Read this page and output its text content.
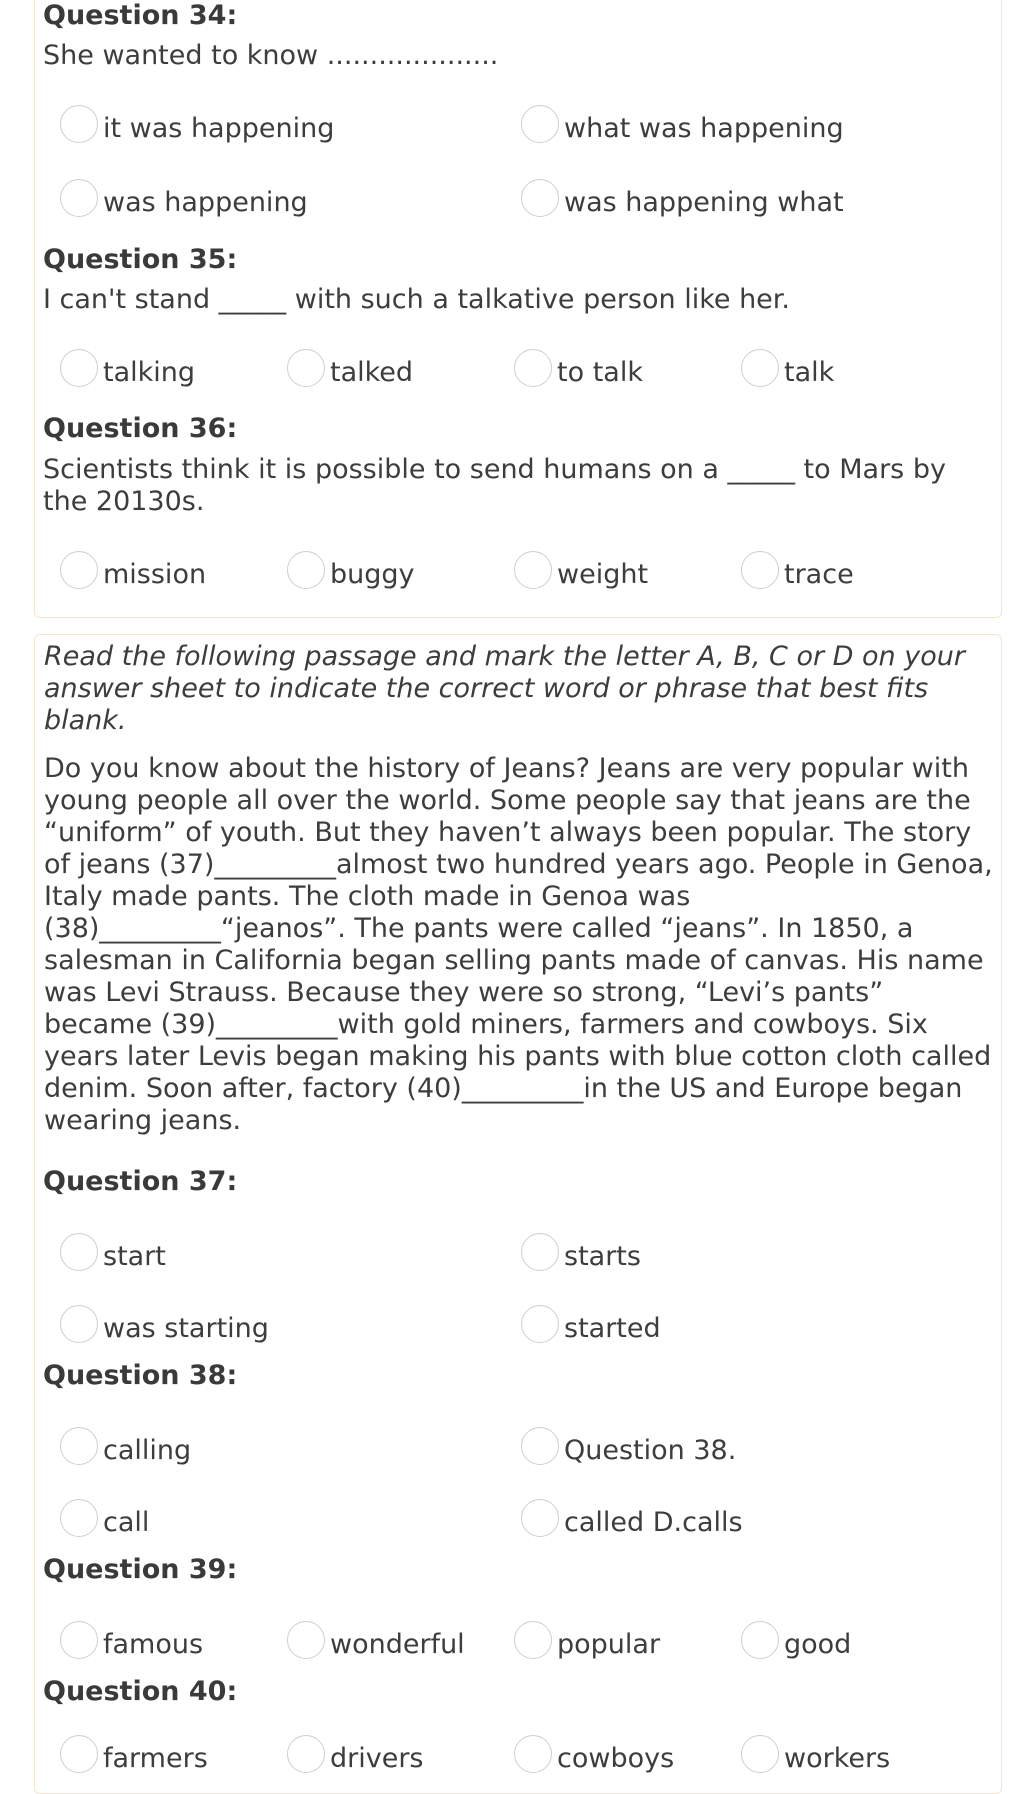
Question 34:
She wanted to know ....................
it was happening	what was happening
was happening	was happening what
Question 35:
I can't stand _____ with such a talkative person like her.
talking	talked	to talk	talk
Question 36:
Scientists think it is possible to send humans on a _____ to Mars by the 20130s.
mission	buggy	weight	trace
Read the following passage and mark the letter A, B, C or D on your answer sheet to indicate the correct word or phrase that best fits blank.
Do you know about the history of Jeans? Jeans are very popular with young people all over the world. Some people say that jeans are the “uniform” of youth. But they haven’t always been popular. The story of jeans (37)_________almost two hundred years ago. People in Genoa, Italy made pants. The cloth made in Genoa was (38)_________“jeanos”. The pants were called “jeans”. In 1850, a salesman in California began selling pants made of canvas. His name was Levi Strauss. Because they were so strong, “Levi’s pants” became (39)_________with gold miners, farmers and cowboys. Six years later Levis began making his pants with blue cotton cloth called denim. Soon after, factory (40)_________in the US and Europe began wearing jeans.
Question 37:
start	starts
was starting	started
Question 38:
calling	Question 38.
call	called D.calls
Question 39:
famous	wonderful	popular	good
Question 40:
farmers	drivers	cowboys	workers
